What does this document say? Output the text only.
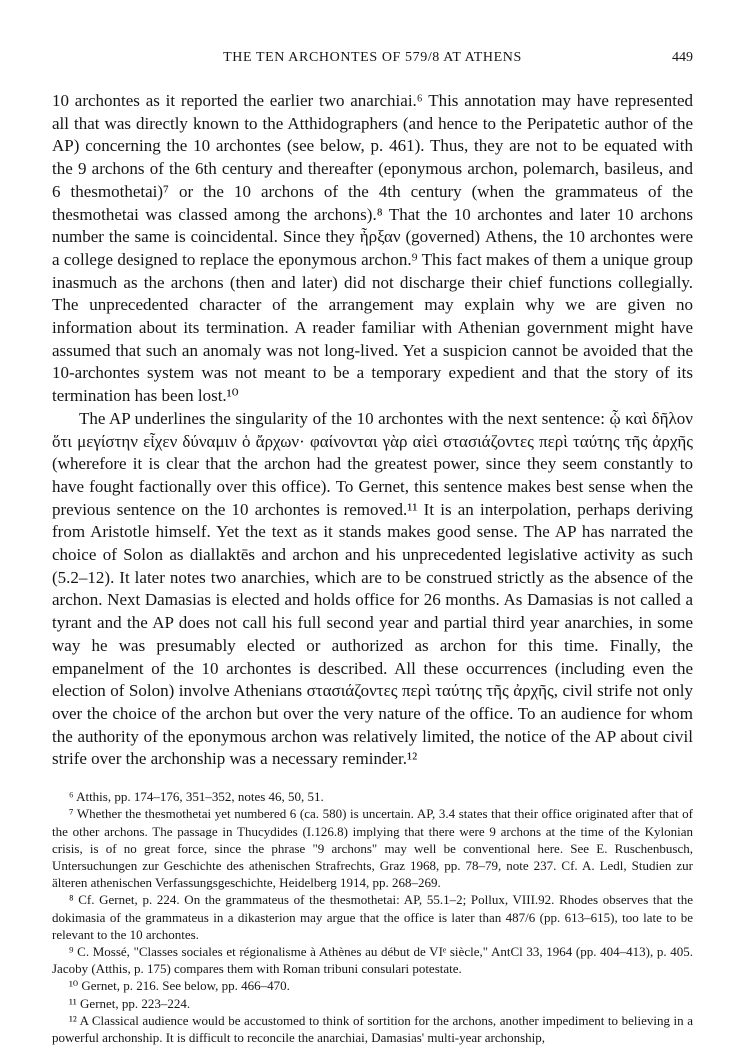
THE TEN ARCHONTES OF 579/8 AT ATHENS	449

10 archontes as it reported the earlier two anarchiai.⁶ This annotation may have represented all that was directly known to the Atthidographers (and hence to the Peripatetic author of the AP) concerning the 10 archontes (see below, p. 461). Thus, they are not to be equated with the 9 archons of the 6th century and thereafter (eponymous archon, polemarch, basileus, and 6 thesmothetai)⁷ or the 10 archons of the 4th century (when the grammateus of the thesmothetai was classed among the archons).⁸ That the 10 archontes and later 10 archons number the same is coincidental. Since they ἦρξαν (governed) Athens, the 10 archontes were a college designed to replace the eponymous archon.⁹ This fact makes of them a unique group inasmuch as the archons (then and later) did not discharge their chief functions collegially. The unprecedented character of the arrangement may explain why we are given no information about its termination. A reader familiar with Athenian government might have assumed that such an anomaly was not long-lived. Yet a suspicion cannot be avoided that the 10-archontes system was not meant to be a temporary expedient and that the story of its termination has been lost.¹⁰

The AP underlines the singularity of the 10 archontes with the next sentence: ᾧ καὶ δῆλον ὅτι μεγίστην εἶχεν δύναμιν ὁ ἄρχων· φαίνονται γὰρ αἰεὶ στασιάζοντες περὶ ταύτης τῆς ἀρχῆς (wherefore it is clear that the archon had the greatest power, since they seem constantly to have fought factionally over this office). To Gernet, this sentence makes best sense when the previous sentence on the 10 archontes is removed.¹¹ It is an interpolation, perhaps deriving from Aristotle himself. Yet the text as it stands makes good sense. The AP has narrated the choice of Solon as diallaktēs and archon and his unprecedented legislative activity as such (5.2–12). It later notes two anarchies, which are to be construed strictly as the absence of the archon. Next Damasias is elected and holds office for 26 months. As Damasias is not called a tyrant and the AP does not call his full second year and partial third year anarchies, in some way he was presumably elected or authorized as archon for this time. Finally, the empanelment of the 10 archontes is described. All these occurrences (including even the election of Solon) involve Athenians στασιάζοντες περὶ ταύτης τῆς ἀρχῆς, civil strife not only over the choice of the archon but over the very nature of the office. To an audience for whom the authority of the eponymous archon was relatively limited, the notice of the AP about civil strife over the archonship was a necessary reminder.¹²

⁶ Atthis, pp. 174–176, 351–352, notes 46, 50, 51.

⁷ Whether the thesmothetai yet numbered 6 (ca. 580) is uncertain. AP, 3.4 states that their office originated after that of the other archons. The passage in Thucydides (I.126.8) implying that there were 9 archons at the time of the Kylonian crisis, is of no great force, since the phrase "9 archons" may well be conventional here. See E. Ruschenbusch, Untersuchungen zur Geschichte des athenischen Strafrechts, Graz 1968, pp. 78–79, note 237. Cf. A. Ledl, Studien zur älteren athenischen Verfassungsgeschichte, Heidelberg 1914, pp. 268–269.

⁸ Cf. Gernet, p. 224. On the grammateus of the thesmothetai: AP, 55.1–2; Pollux, VIII.92. Rhodes observes that the dokimasia of the grammateus in a dikasterion may argue that the office is later than 487/6 (pp. 613–615), too late to be relevant to the 10 archontes.

⁹ C. Mossé, "Classes sociales et régionalisme à Athènes au début de VIᵉ siècle," AntCl 33, 1964 (pp. 404–413), p. 405. Jacoby (Atthis, p. 175) compares them with Roman tribuni consulari potestate.

¹⁰ Gernet, p. 216. See below, pp. 466–470.

¹¹ Gernet, pp. 223–224.

¹² A Classical audience would be accustomed to think of sortition for the archons, another impediment to believing in a powerful archonship. It is difficult to reconcile the anarchiai, Damasias' multi-year archonship,
